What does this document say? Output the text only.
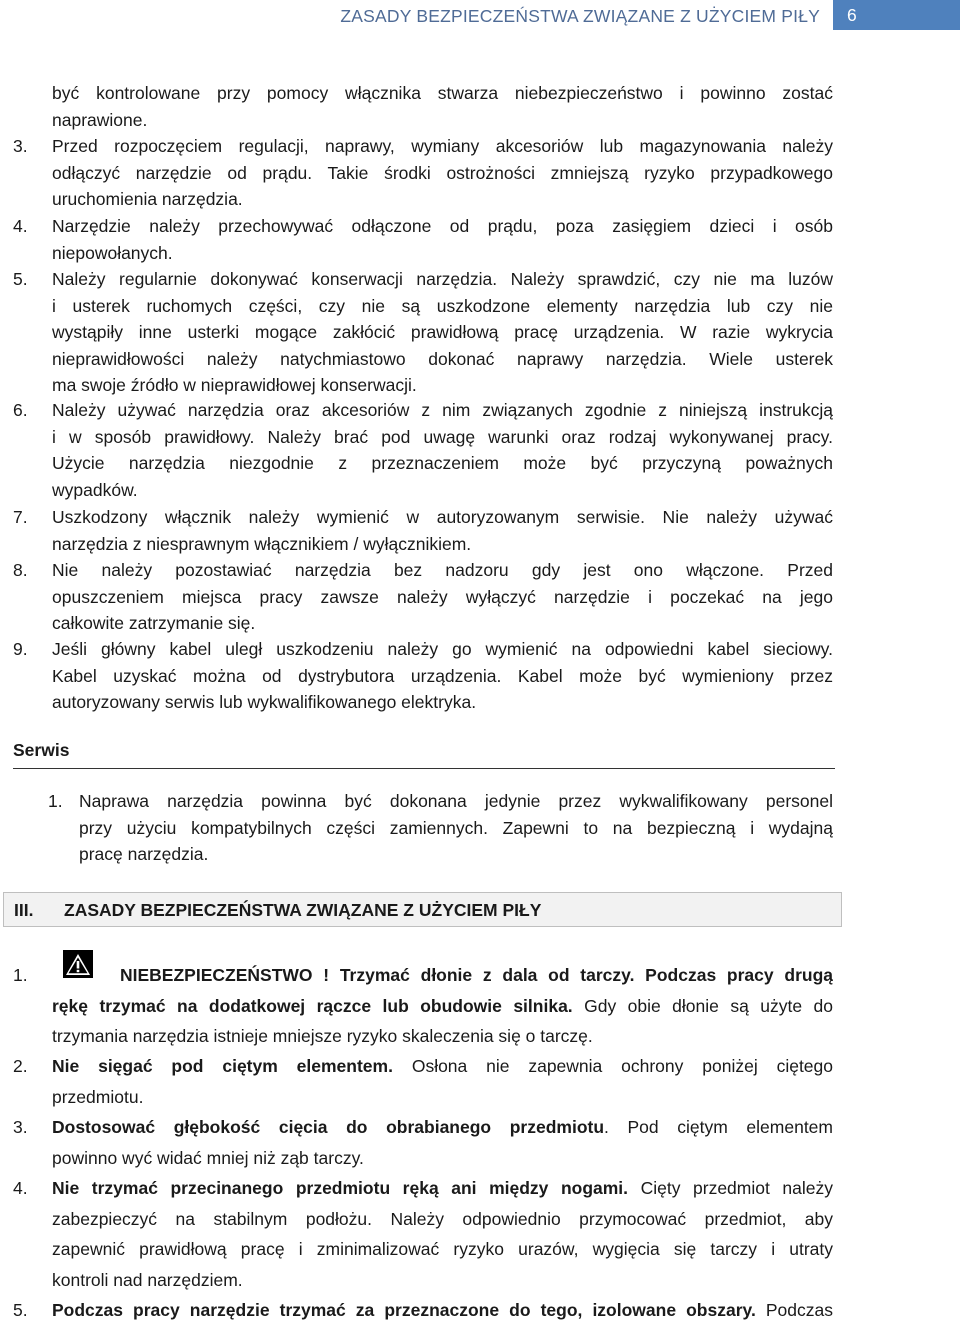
ZASADY BEZPIECZEŃSTWA ZWIĄZANE Z UŻYCIEM PIŁY	6
być kontrolowane przy pomocy włącznika stwarza niebezpieczeństwo i powinno zostać
naprawione.
3. Przed rozpoczęciem regulacji, naprawy, wymiany akcesoriów lub magazynowania należy
odłączyć narzędzie od prądu. Takie środki ostrożności zmniejszą ryzyko przypadkowego
uruchomienia narzędzia.
4. Narzędzie należy przechowywać odłączone od prądu, poza zasięgiem dzieci i osób
niepowołanych.
5. Należy regularnie dokonywać konserwacji narzędzia. Należy sprawdzić, czy nie ma luzów
i usterek ruchomych części, czy nie są uszkodzone elementy narzędzia lub czy nie
wystąpiły inne usterki mogące zakłócić prawidłową pracę urządzenia. W razie wykrycia
nieprawidłowości należy natychmiastowo dokonać naprawy narzędzia. Wiele usterek
ma swoje źródło w nieprawidłowej konserwacji.
6. Należy używać narzędzia oraz akcesoriów z nim związanych zgodnie z niniejszą instrukcją
i w sposób prawidłowy. Należy brać pod uwagę warunki oraz rodzaj wykonywanej pracy.
Użycie narzędzia niezgodnie z przeznaczeniem może być przyczyną poważnych
wypadków.
7. Uszkodzony włącznik należy wymienić w autoryzowanym serwisie. Nie należy używać
narzędzia z niesprawnym włącznikiem / wyłącznikiem.
8. Nie należy pozostawiać narzędzia bez nadzoru gdy jest ono włączone. Przed
opuszczeniem miejsca pracy zawsze należy wyłączyć narzędzie i poczekać na jego
całkowite zatrzymanie się.
9. Jeśli główny kabel uległ uszkodzeniu należy go wymienić na odpowiedni kabel sieciowy.
Kabel uzyskać można od dystrybutora urządzenia. Kabel może być wymieniony przez
autoryzowany serwis lub wykwalifikowanego elektryka.
Serwis
1. Naprawa narzędzia powinna być dokonana jedynie przez wykwalifikowany personel
przy użyciu kompatybilnych części zamiennych. Zapewni to na bezpieczną i wydajną
pracę narzędzia.
III. ZASADY BEZPIECZEŃSTWA ZWIĄZANE Z UŻYCIEM PIŁY
1.	NIEBEZPIECZEŃSTWO ! Trzymać dłonie z dala od tarczy. Podczas pracy drugą
rękę trzymać na dodatkowej rączce lub obudowie silnika. Gdy obie dłonie są użyte do
trzymania narzędzia istnieje mniejsze ryzyko skaleczenia się o tarczę.
2. Nie sięgać pod ciętym elementem. Osłona nie zapewnia ochrony poniżej ciętego
przedmiotu.
3. Dostosować głębokość cięcia do obrabianego przedmiotu. Pod ciętym elementem
powinno wyć widać mniej niż ząb tarczy.
4. Nie trzymać przecinanego przedmiotu ręką ani między nogami. Cięty przedmiot należy
zabezpieczyć na stabilnym podłożu. Należy odpowiednio przymocować przedmiot, aby
zapewnić prawidłową pracę i zminimalizować ryzyko urazów, wygięcia się tarczy i utraty
kontroli nad narzędziem.
5. Podczas pracy narzędzie trzymać za przeznaczone do tego, izolowane obszary. Podczas
